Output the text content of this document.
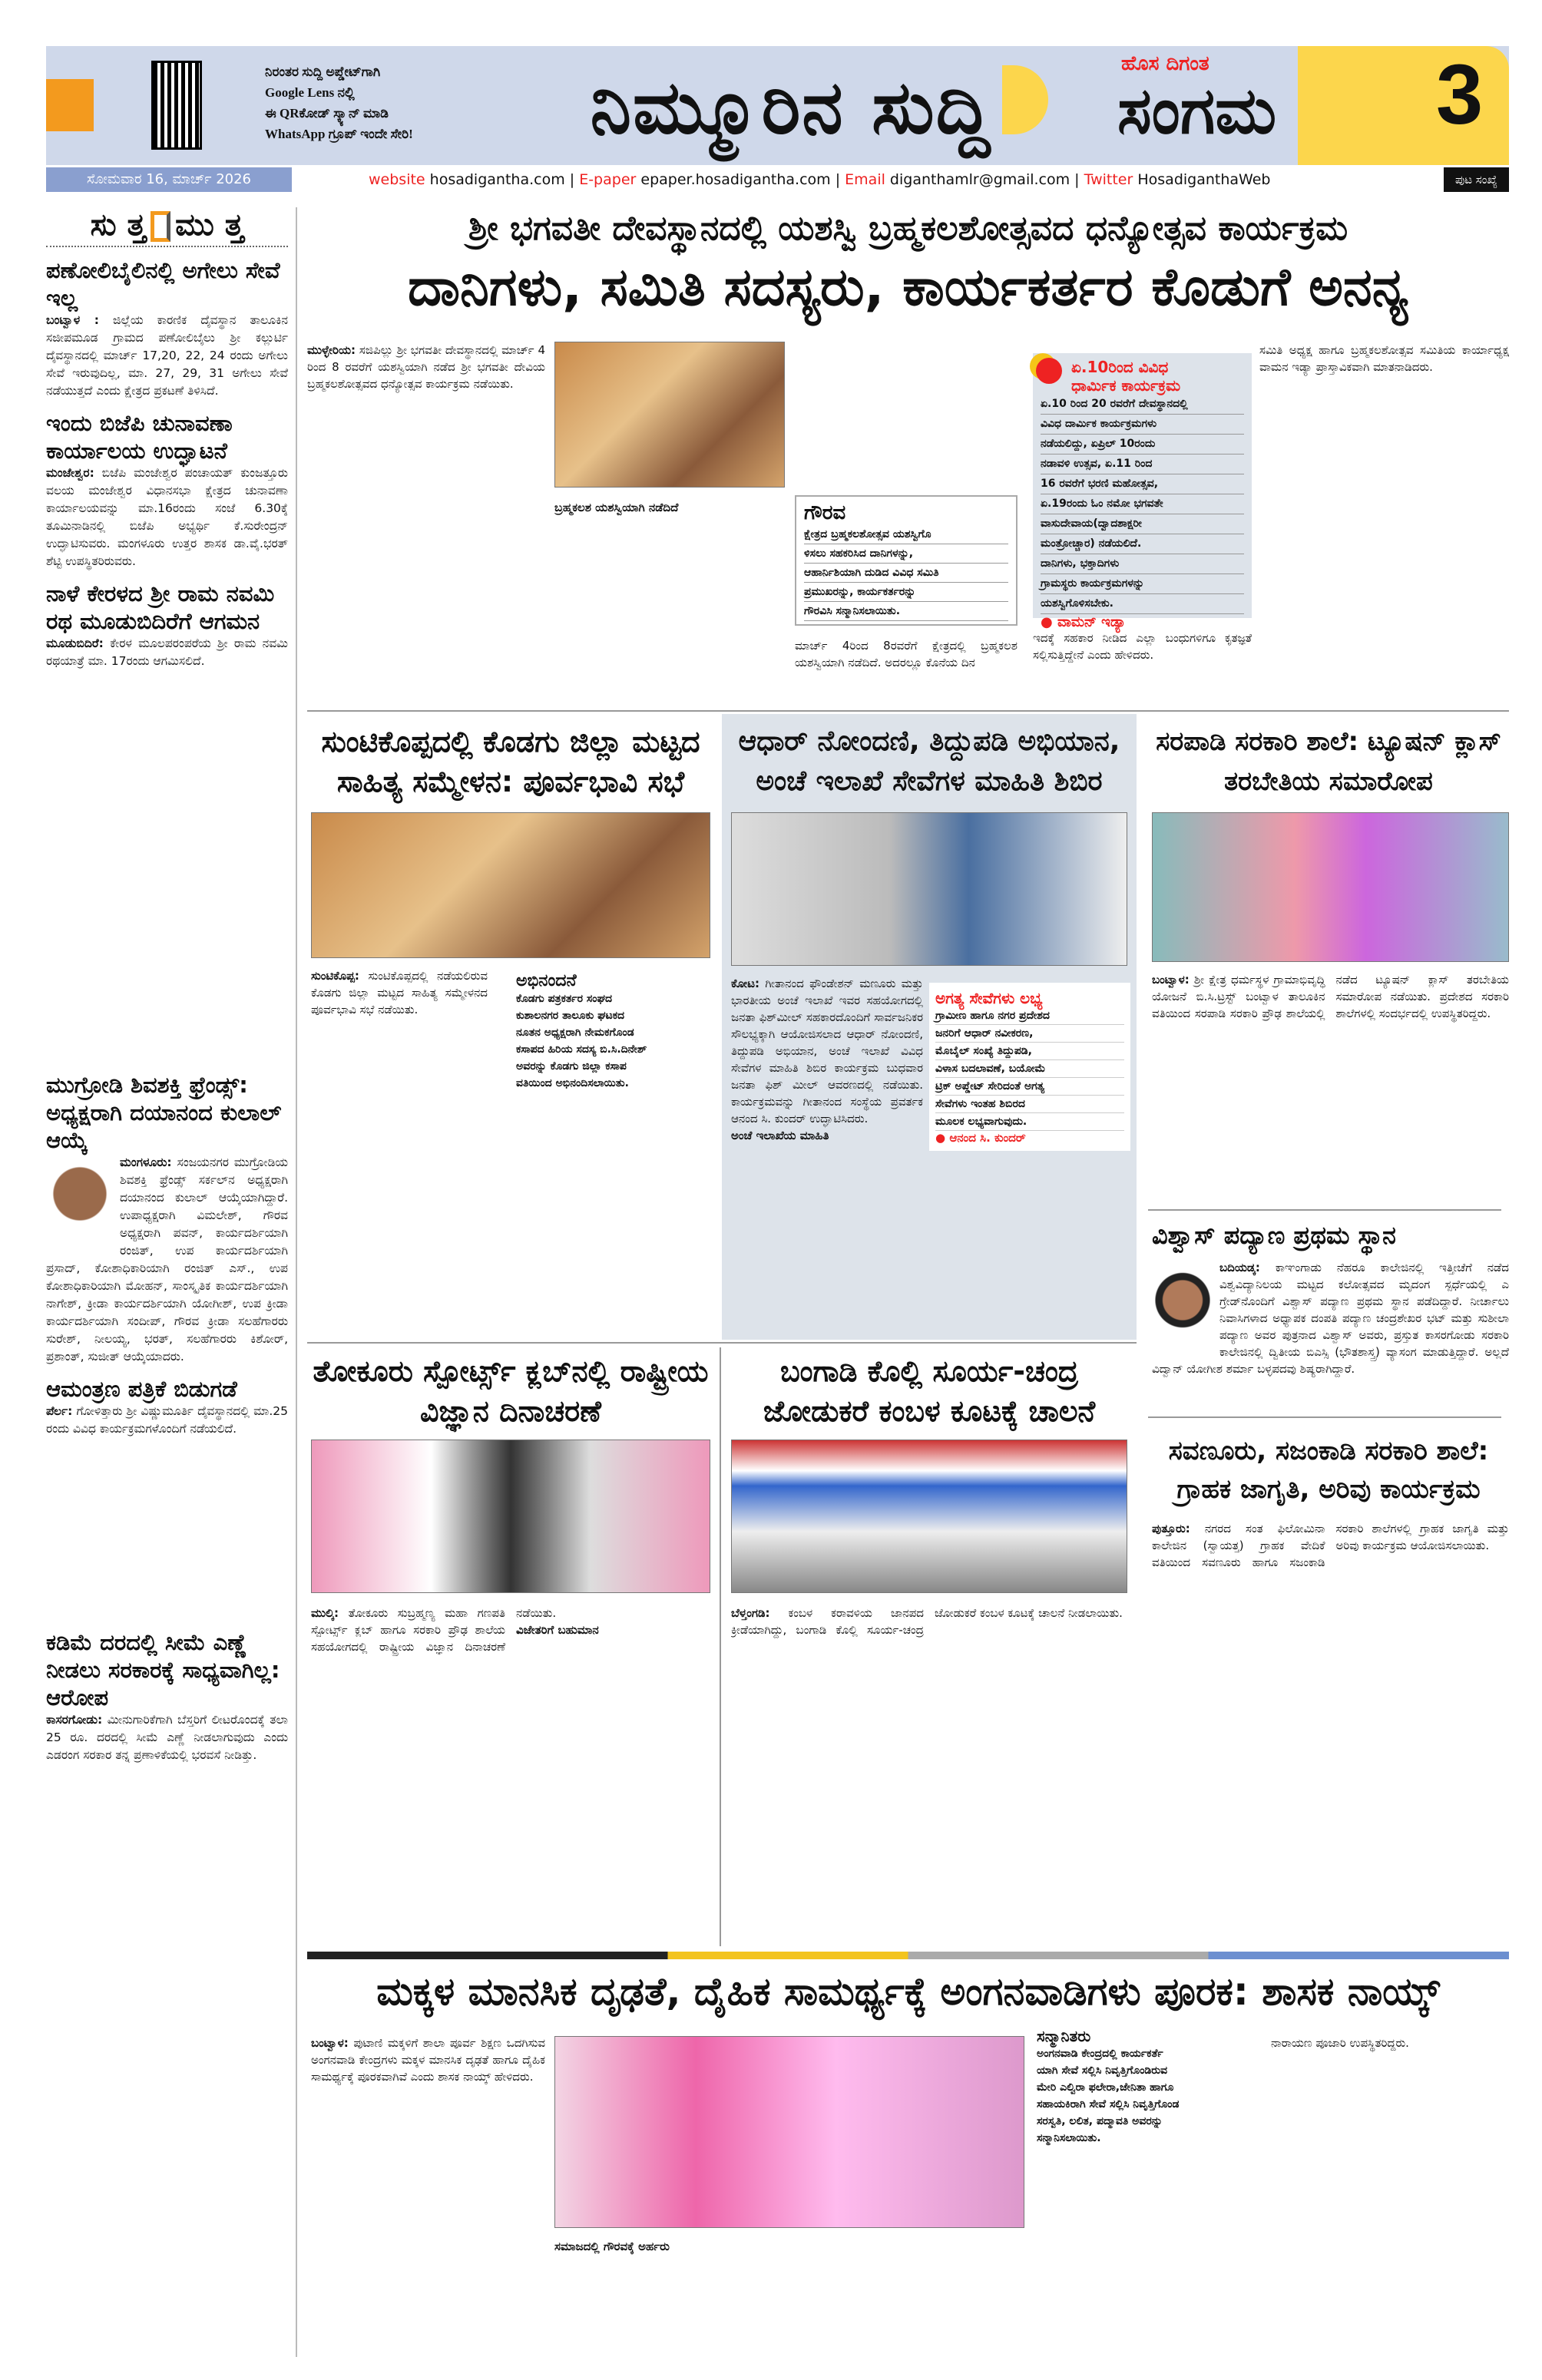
ನಿರಂತರ ಸುದ್ದಿ ಅಪ್ಡೇಟ್‌ಗಾಗಿ
Google Lens ನಲ್ಲಿ
ಈ QRಕೋಡ್ ಸ್ಕ್ಯಾನ್ ಮಾಡಿ
WhatsApp ಗ್ರೂಪ್ ಇಂದೇ ಸೇರಿ!	ನಿಮ್ಮೂರಿನ ಸುದ್ದಿ
ಹೊಸ ದಿಗಂತ
ಸಂಗಮ 3
ಸೋಮವಾರ 16, ಮಾರ್ಚ್ 2026	website hosadigantha.com | E-paper epaper.hosadigantha.com | Email diganthamlr@gmail.com | Twitter HosadiganthaWeb	ಪುಟ ಸಂಖ್ಯೆ
ಸು ತ್ತ ಮು ತ್ತ
ಪಣೋಲಿಬೈಲಿನಲ್ಲಿ ಅಗೇಲು ಸೇವೆ ಇಲ್ಲ

ಬಂಟ್ವಾಳ : ಜಿಲ್ಲೆಯ ಕಾರಣಿಕ ದೈವಸ್ಥಾನ ತಾಲೂಕಿನ ಸಜೀಪಮೂಡ ಗ್ರಾಮದ ಪಣೋಲಿಬೈಲು ಶ್ರೀ ಕಲ್ಲುರ್ಟಿ ದೈವಸ್ಥಾನದಲ್ಲಿ ಮಾರ್ಚ್ 17,20, 22, 24 ರಂದು ಅಗೇಲು ಸೇವೆ ಇರುವುದಿಲ್ಲ, ಮಾ. 27, 29, 31 ಅಗೇಲು ಸೇವೆ ನಡೆಯುತ್ತದೆ ಎಂದು ಕ್ಷೇತ್ರದ ಪ್ರಕಟಣೆ ತಿಳಿಸಿದೆ.

ಇಂದು ಬಿಜೆಪಿ ಚುನಾವಣಾ ಕಾರ್ಯಾಲಯ ಉದ್ಘಾಟನೆ

ಮಂಜೇಶ್ವರ: ಬಿಜೆಪಿ ಮಂಜೇಶ್ವರ ಪಂಚಾಯತ್ ಕುಂಜತ್ತೂರು ವಲಯ ಮಂಜೇಶ್ವರ ವಿಧಾನಸಭಾ ಕ್ಷೇತ್ರದ ಚುನಾವಣಾ ಕಾರ್ಯಾಲಯವನ್ನು ಮಾ.16ರಂದು ಸಂಜೆ 6.30ಕ್ಕೆ ತೂಮಿನಾಡಿನಲ್ಲಿ ಬಿಜೆಪಿ ಅಭ್ಯರ್ಥಿ ಕೆ.ಸುರೇಂದ್ರನ್ ಉದ್ಘಾಟಿಸುವರು. ಮಂಗಳೂರು ಉತ್ತರ ಶಾಸಕ ಡಾ.ವೈ.ಭರತ್ ಶೆಟ್ಟಿ ಉಪಸ್ಥಿತರಿರುವರು.

ನಾಳೆ ಕೇರಳದ ಶ್ರೀ ರಾಮ ನವಮಿ ರಥ ಮೂಡುಬಿದಿರೆಗೆ ಆಗಮನ

ಮೂಡುಬಿದಿರೆ: ಕೇರಳ ಮೂಲಪರಂಪರೆಯ ಶ್ರೀ ರಾಮ ನವಮಿ ರಥಯಾತ್ರೆ ಮಾ. 17ರಂದು ಆಗಮಿಸಲಿದೆ.

ಮುಗ್ರೋಡಿ ಶಿವಶಕ್ತಿ ಫ್ರೆಂಡ್ಸ್: ಅಧ್ಯಕ್ಷರಾಗಿ ದಯಾನಂದ ಕುಲಾಲ್ ಆಯ್ಕೆ

ಮಂಗಳೂರು: ಸಂಜಯನಗರ ಮುಗ್ರೋಡಿಯ ಶಿವಶಕ್ತಿ ಫ್ರೆಂಡ್ಸ್ ಸರ್ಕಲ್‌ನ ಅಧ್ಯಕ್ಷರಾಗಿ ದಯಾನಂದ ಕುಲಾಲ್ ಆಯ್ಕೆಯಾಗಿದ್ದಾರೆ. ಉಪಾಧ್ಯಕ್ಷರಾಗಿ ವಿಮಲೇಶ್, ಗೌರವ ಅಧ್ಯಕ್ಷರಾಗಿ ಪವನ್, ಕಾರ್ಯದರ್ಶಿಯಾಗಿ ರಂಜಿತ್, ಉಪ ಕಾರ್ಯದರ್ಶಿಯಾಗಿ ಪ್ರಸಾದ್, ಕೋಶಾಧಿಕಾರಿಯಾಗಿ ರಂಜಿತ್ ಎಸ್., ಉಪ ಕೋಶಾಧಿಕಾರಿಯಾಗಿ ಮೋಹನ್, ಸಾಂಸ್ಕೃತಿಕ ಕಾರ್ಯದರ್ಶಿಯಾಗಿ ನಾಗೇಶ್, ಕ್ರೀಡಾ ಕಾರ್ಯದರ್ಶಿಯಾಗಿ ಯೋಗೀಶ್, ಉಪ ಕ್ರೀಡಾ ಕಾರ್ಯದರ್ಶಿಯಾಗಿ ಸಂದೀಪ್, ಗೌರವ ಕ್ರೀಡಾ ಸಲಹೆಗಾರರು ಸುರೇಶ್, ನೀಲಯ್ಯ, ಭರತ್, ಸಲಹೆಗಾರರು ಕಿಶೋರ್, ಪ್ರಶಾಂತ್, ಸುಜೀತ್ ಆಯ್ಕೆಯಾದರು.

ಆಮಂತ್ರಣ ಪತ್ರಿಕೆ ಬಿಡುಗಡೆ

ಪೆರ್ಲ: ಗೋಳಿತ್ತಾರು ಶ್ರೀ ವಿಷ್ಣುಮೂರ್ತಿ ದೈವಸ್ಥಾನದಲ್ಲಿ ಮಾ.25 ರಂದು ವಿವಿಧ ಕಾರ್ಯಕ್ರಮಗಳೊಂದಿಗೆ ನಡೆಯಲಿದೆ.

ಕಡಿಮೆ ದರದಲ್ಲಿ ಸೀಮೆ ಎಣ್ಣೆ ನೀಡಲು ಸರಕಾರಕ್ಕೆ ಸಾಧ್ಯವಾಗಿಲ್ಲ: ಆರೋಪ

ಕಾಸರಗೋಡು: ಮೀನುಗಾರಿಕೆಗಾಗಿ ಬೆಸ್ತರಿಗೆ ಲೀಟರೊಂದಕ್ಕೆ ತಲಾ 25 ರೂ. ದರದಲ್ಲಿ ಸೀಮೆ ಎಣ್ಣೆ ನೀಡಲಾಗುವುದು ಎಂದು ಎಡರಂಗ ಸರಕಾರ ತನ್ನ ಪ್ರಣಾಳಿಕೆಯಲ್ಲಿ ಭರವಸೆ ನೀಡಿತ್ತು.

ಶ್ರೀ ಭಗವತೀ ದೇವಸ್ಥಾನದಲ್ಲಿ ಯಶಸ್ವಿ ಬ್ರಹ್ಮಕಲಶೋತ್ಸವದ ಧನ್ಯೋತ್ಸವ ಕಾರ್ಯಕ್ರಮ
ದಾನಿಗಳು, ಸಮಿತಿ ಸದಸ್ಯರು, ಕಾರ್ಯಕರ್ತರ ಕೊಡುಗೆ ಅನನ್ಯ
ಮುಳ್ಳೇರಿಯ: ಸಜಿಪಿಲ್ಲು ಶ್ರೀ ಭಗವತೀ ದೇವಸ್ಥಾನದಲ್ಲಿ ಮಾರ್ಚ್ 4 ರಿಂದ 8 ರವರೆಗೆ ಯಶಸ್ವಿಯಾಗಿ ನಡೆದ ಶ್ರೀ ಭಗವತೀ ದೇವಿಯ ಬ್ರಹ್ಮಕಲಶೋತ್ಸವದ ಧನ್ಯೋತ್ಸವ ಕಾರ್ಯಕ್ರಮ ನಡೆಯಿತು.
ಬ್ರಹ್ಮಕಲಶ ಯಶಸ್ವಿಯಾಗಿ ನಡೆದಿದೆ	ಗೌರವ

ಕ್ಷೇತ್ರದ ಬ್ರಹ್ಮಕಲಶೋತ್ಸವ ಯಶಸ್ವಿಗೊ

ಳಿಸಲು ಸಹಕರಿಸಿದ ದಾನಿಗಳನ್ನು,

ಆಹಾರ್ನಿಶಿಯಾಗಿ ದುಡಿದ ವಿವಿಧ ಸಮಿತಿ

ಪ್ರಮುಖರನ್ನು, ಕಾರ್ಯಕರ್ತರನ್ನು

ಗೌರವಿಸಿ ಸನ್ಮಾನಿಸಲಾಯಿತು.

ಮಾರ್ಚ್ 4ರಿಂದ 8ರವರೆಗೆ ಕ್ಷೇತ್ರದಲ್ಲಿ ಬ್ರಹ್ಮಕಲಶ ಯಶಸ್ವಿಯಾಗಿ ನಡೆದಿದೆ. ಅದರಲ್ಲೂ ಕೊನೆಯ ದಿನ
ಏ.10ರಿಂದ ವಿವಿಧ
ಧಾರ್ಮಿಕ ಕಾರ್ಯಕ್ರಮ
ಏ.10 ರಿಂದ 20 ರವರೆಗೆ ದೇವಸ್ಥಾನದಲ್ಲಿ
ವಿವಿಧ ದಾರ್ಮಿಕ ಕಾರ್ಯಕ್ರಮಗಳು
ನಡೆಯಲಿದ್ದು, ಏಪ್ರಿಲ್ 10ರಂದು
ನಡಾವಳಿ ಉತ್ಸವ, ಏ.11 ರಿಂದ
16 ರವರೆಗೆ ಭರಣಿ ಮಹೋತ್ಸವ,
ಏ.19ರಂದು ಓಂ ನಮೋ ಭಗವತೇ
ವಾಸುದೇವಾಯ(ದ್ವಾದಶಾಕ್ಷರೀ
ಮಂತ್ರೋಚ್ಚಾರ) ನಡೆಯಲಿದೆ.
ದಾನಿಗಳು, ಭಕ್ತಾದಿಗಳು
ಗ್ರಾಮಸ್ಥರು ಕಾರ್ಯಕ್ರಮಗಳನ್ನು
ಯಶಸ್ವಿಗೊಳಿಸಬೇಕು.
● ವಾಮನ್ ಇಡ್ಯಾ
ಇದಕ್ಕೆ ಸಹಕಾರ ನೀಡಿದ ಎಲ್ಲಾ ಬಂಧುಗಳಿಗೂ ಕೃತಜ್ಞತೆ ಸಲ್ಲಿಸುತ್ತಿದ್ದೇನೆ ಎಂದು ಹೇಳಿದರು.
ಸಮಿತಿ ಅಧ್ಯಕ್ಷ ಹಾಗೂ ಬ್ರಹ್ಮಕಲಶೋತ್ಸವ ಸಮಿತಿಯ ಕಾರ್ಯಾಧ್ಯಕ್ಷ ವಾಮನ ಇಡ್ಯಾ ಪ್ರಾಸ್ತಾವಿಕವಾಗಿ ಮಾತನಾಡಿದರು.
ಸುಂಟಿಕೊಪ್ಪದಲ್ಲಿ ಕೊಡಗು ಜಿಲ್ಲಾ ಮಟ್ಟದ ಸಾಹಿತ್ಯ ಸಮ್ಮೇಳನ: ಪೂರ್ವಭಾವಿ ಸಭೆ
ಸುಂಟಿಕೊಪ್ಪ: ಸುಂಟಿಕೊಪ್ಪದಲ್ಲಿ ನಡೆಯಲಿರುವ ಕೊಡಗು ಜಿಲ್ಲಾ ಮಟ್ಟದ ಸಾಹಿತ್ಯ ಸಮ್ಮೇಳನದ ಪೂರ್ವಭಾವಿ ಸಭೆ ನಡೆಯಿತು.
ಅಭಿನಂದನೆ
ಕೊಡಗು ಪತ್ರಕರ್ತರ ಸಂಘದ
ಕುಶಾಲನಗರ ತಾಲೂಕು ಘಟಕದ
ನೂತನ ಅಧ್ಯಕ್ಷರಾಗಿ ನೇಮಕಗೊಂಡ
ಕಸಾಪದ ಹಿರಿಯ ಸದಸ್ಯ ಬಿ.ಸಿ.ದಿನೇಶ್
ಅವರನ್ನು ಕೊಡಗು ಜಿಲ್ಲಾ ಕಸಾಪ
ವತಿಯಿಂದ ಅಭಿನಂದಿಸಲಾಯಿತು.
ಆಧಾರ್ ನೋಂದಣಿ, ತಿದ್ದುಪಡಿ ಅಭಿಯಾನ, ಅಂಚೆ ಇಲಾಖೆ ಸೇವೆಗಳ ಮಾಹಿತಿ ಶಿಬಿರ
ಕೋಟ: ಗೀತಾನಂದ ಫೌಂಡೇಶನ್ ಮಣೂರು ಮತ್ತು ಭಾರತೀಯ ಅಂಚೆ ಇಲಾಖೆ ಇವರ ಸಹಯೋಗದಲ್ಲಿ ಜನತಾ ಫಿಶ್‌ಮೀಲ್ ಸಹಕಾರದೊಂದಿಗೆ ಸಾರ್ವಜನಿಕರ ಸೌಲಭ್ಯಕ್ಕಾಗಿ ಆಯೋಜಿಸಲಾದ ಆಧಾರ್ ನೋಂದಣಿ, ತಿದ್ದುಪಡಿ ಅಭಿಯಾನ, ಅಂಚೆ ಇಲಾಖೆ ವಿವಿಧ ಸೇವೆಗಳ ಮಾಹಿತಿ ಶಿಬಿರ ಕಾರ್ಯಕ್ರಮ ಬುಧವಾರ ಜನತಾ ಫಿಶ್ ಮೀಲ್ ಆವರಣದಲ್ಲಿ ನಡೆಯಿತು. ಕಾರ್ಯಕ್ರಮವನ್ನು ಗೀತಾನಂದ ಸಂಸ್ಥೆಯ ಪ್ರವರ್ತಕ ಆನಂದ ಸಿ. ಕುಂದರ್ ಉದ್ಘಾಟಿಸಿದರು.
ಅಂಚೆ ಇಲಾಖೆಯ ಮಾಹಿತಿ
ಅಗತ್ಯ ಸೇವೆಗಳು ಲಭ್ಯ
ಗ್ರಾಮೀಣ ಹಾಗೂ ನಗರ ಪ್ರದೇಶದ
ಜನರಿಗೆ ಆಧಾರ್ ನವೀಕರಣ,
ಮೊಬೈಲ್ ಸಂಖ್ಯೆ ತಿದ್ದುಪಡಿ,
ವಿಳಾಸ ಬದಲಾವಣೆ, ಬಯೋಮೆ
ಟ್ರಿಕ್ ಅಪ್ಡೇಟ್ ಸೇರಿದಂತೆ ಅಗತ್ಯ
ಸೇವೆಗಳು ಇಂತಹ ಶಿಬಿರದ
ಮೂಲಕ ಲಭ್ಯವಾಗುವುದು.
● ಆನಂದ ಸಿ. ಕುಂದರ್
ಸರಪಾಡಿ ಸರಕಾರಿ ಶಾಲೆ: ಟ್ಯೂಷನ್ ಕ್ಲಾಸ್ ತರಬೇತಿಯ ಸಮಾರೋಪ
ಬಂಟ್ವಾಳ: ಶ್ರೀ ಕ್ಷೇತ್ರ ಧರ್ಮಸ್ಥಳ ಗ್ರಾಮಾಭಿವೃದ್ಧಿ ಯೋಜನೆ ಬಿ.ಸಿ.ಟ್ರಸ್ಟ್ ಬಂಟ್ವಾಳ ತಾಲೂಕಿನ ವತಿಯಿಂದ ಸರಪಾಡಿ ಸರಕಾರಿ ಪ್ರೌಢ ಶಾಲೆಯಲ್ಲಿ ನಡೆದ ಟ್ಯೂಷನ್ ಕ್ಲಾಸ್ ತರಬೇತಿಯ ಸಮಾರೋಪ ನಡೆಯಿತು. ಪ್ರದೇಶದ ಸರಕಾರಿ ಶಾಲೆಗಳಲ್ಲಿ ಸಂದರ್ಭದಲ್ಲಿ ಉಪಸ್ಥಿತರಿದ್ದರು.
ವಿಶ್ವಾಸ್ ಪದ್ಯಾಣ ಪ್ರಥಮ ಸ್ಥಾನ
ಬದಿಯಡ್ಕ: ಕಾಞಂಗಾಡು ನೆಹರೂ ಕಾಲೇಜಿನಲ್ಲಿ ಇತ್ತೀಚೆಗೆ ನಡೆದ ವಿಶ್ವವಿದ್ಯಾನಿಲಯ ಮಟ್ಟದ ಕಲೋತ್ಸವದ ಮೃದಂಗ ಸ್ಪರ್ಧೆಯಲ್ಲಿ ಎ ಗ್ರೇಡ್‌ನೊಂದಿಗೆ ವಿಶ್ವಾಸ್ ಪದ್ಯಾಣ ಪ್ರಥಮ ಸ್ಥಾನ ಪಡೆದಿದ್ದಾರೆ. ನೀರ್ಚಾಲು ನಿವಾಸಿಗಳಾದ ಅಧ್ಯಾಪಕ ದಂಪತಿ ಪದ್ಯಾಣ ಚಂದ್ರಶೇಖರ ಭಟ್ ಮತ್ತು ಸುಶೀಲಾ ಪದ್ಯಾಣ ಅವರ ಪುತ್ರನಾದ ವಿಶ್ವಾಸ್ ಅವರು, ಪ್ರಸ್ತುತ ಕಾಸರಗೋಡು ಸರಕಾರಿ ಕಾಲೇಜಿನಲ್ಲಿ ದ್ವಿತೀಯ ಬಿಎಸ್ಸಿ (ಭೌತಶಾಸ್ತ್ರ) ವ್ಯಾಸಂಗ ಮಾಡುತ್ತಿದ್ದಾರೆ. ಅಲ್ಲದೆ ವಿದ್ವಾನ್ ಯೋಗೀಶ ಶರ್ಮಾ ಬಳ್ಳಪದವು ಶಿಷ್ಯರಾಗಿದ್ದಾರೆ.
ತೋಕೂರು ಸ್ಪೋರ್ಟ್ಸ್ ಕ್ಲಬ್‌ನಲ್ಲಿ ರಾಷ್ಟ್ರೀಯ ವಿಜ್ಞಾನ ದಿನಾಚರಣೆ
ಮುಲ್ಕಿ: ತೋಕೂರು ಸುಬ್ರಹ್ಮಣ್ಯ ಮಹಾ ಗಣಪತಿ ಸ್ಪೋರ್ಟ್ಸ್ ಕ್ಲಬ್ ಹಾಗೂ ಸರಕಾರಿ ಪ್ರೌಢ ಶಾಲೆಯ ಸಹಯೋಗದಲ್ಲಿ ರಾಷ್ಟ್ರೀಯ ವಿಜ್ಞಾನ ದಿನಾಚರಣೆ ನಡೆಯಿತು.
ವಿಜೇತರಿಗೆ ಬಹುಮಾನ
ಬಂಗಾಡಿ ಕೊಲ್ಲಿ ಸೂರ್ಯ-ಚಂದ್ರ ಜೋಡುಕರೆ ಕಂಬಳ ಕೂಟಕ್ಕೆ ಚಾಲನೆ
ಬೆಳ್ತಂಗಡಿ: ಕಂಬಳ ಕರಾವಳಿಯ ಜಾನಪದ ಕ್ರೀಡೆಯಾಗಿದ್ದು, ಬಂಗಾಡಿ ಕೊಲ್ಲಿ ಸೂರ್ಯ-ಚಂದ್ರ ಜೋಡುಕರೆ ಕಂಬಳ ಕೂಟಕ್ಕೆ ಚಾಲನೆ ನೀಡಲಾಯಿತು.
ಸವಣೂರು, ಸಜಂಕಾಡಿ ಸರಕಾರಿ ಶಾಲೆ: ಗ್ರಾಹಕ ಜಾಗೃತಿ, ಅರಿವು ಕಾರ್ಯಕ್ರಮ
ಪುತ್ತೂರು: ನಗರದ ಸಂತ ಫಿಲೋಮಿನಾ ಕಾಲೇಜಿನ (ಸ್ವಾಯತ್ತ) ಗ್ರಾಹಕ ವೇದಿಕೆ ವತಿಯಿಂದ ಸವಣೂರು ಹಾಗೂ ಸಜಂಕಾಡಿ ಸರಕಾರಿ ಶಾಲೆಗಳಲ್ಲಿ ಗ್ರಾಹಕ ಜಾಗೃತಿ ಮತ್ತು ಅರಿವು ಕಾರ್ಯಕ್ರಮ ಆಯೋಜಿಸಲಾಯಿತು.
ಮಕ್ಕಳ ಮಾನಸಿಕ ದೃಢತೆ, ದೈಹಿಕ ಸಾಮರ್ಥ್ಯಕ್ಕೆ ಅಂಗನವಾಡಿಗಳು ಪೂರಕ: ಶಾಸಕ ನಾಯ್ಕ್
ಬಂಟ್ವಾಳ: ಪುಟಾಣಿ ಮಕ್ಕಳಿಗೆ ಶಾಲಾ ಪೂರ್ವ ಶಿಕ್ಷಣ ಒದಗಿಸುವ ಅಂಗನವಾಡಿ ಕೇಂದ್ರಗಳು ಮಕ್ಕಳ ಮಾನಸಿಕ ದೃಢತೆ ಹಾಗೂ ದೈಹಿಕ ಸಾಮರ್ಥ್ಯಕ್ಕೆ ಪೂರಕವಾಗಿವೆ ಎಂದು ಶಾಸಕ ನಾಯ್ಕ್ ಹೇಳಿದರು.
ಸಮಾಜದಲ್ಲಿ ಗೌರವಕ್ಕೆ ಅರ್ಹರು
ಸನ್ಮಾನಿತರು
ಅಂಗನವಾಡಿ ಕೇಂದ್ರದಲ್ಲಿ ಕಾರ್ಯಕರ್ತೆ
ಯಾಗಿ ಸೇವೆ ಸಲ್ಲಿಸಿ ನಿವೃತ್ತಿಗೊಂಡಿರುವ
ಮೇರಿ ಎಲ್ವಿರಾ ಫಲೇರಾ,ಜೇನಿತಾ ಹಾಗೂ
ಸಹಾಯಕಿರಾಗಿ ಸೇವೆ ಸಲ್ಲಿಸಿ ನಿವೃತ್ತಿಗೊಂಡ
ಸರಸ್ವತಿ, ಲಲಿತ, ಪದ್ಮಾವತಿ ಅವರನ್ನು
ಸನ್ಮಾನಿಸಲಾಯಿತು.
ನಾರಾಯಣ ಪೂಜಾರಿ ಉಪಸ್ಥಿತರಿದ್ದರು.
